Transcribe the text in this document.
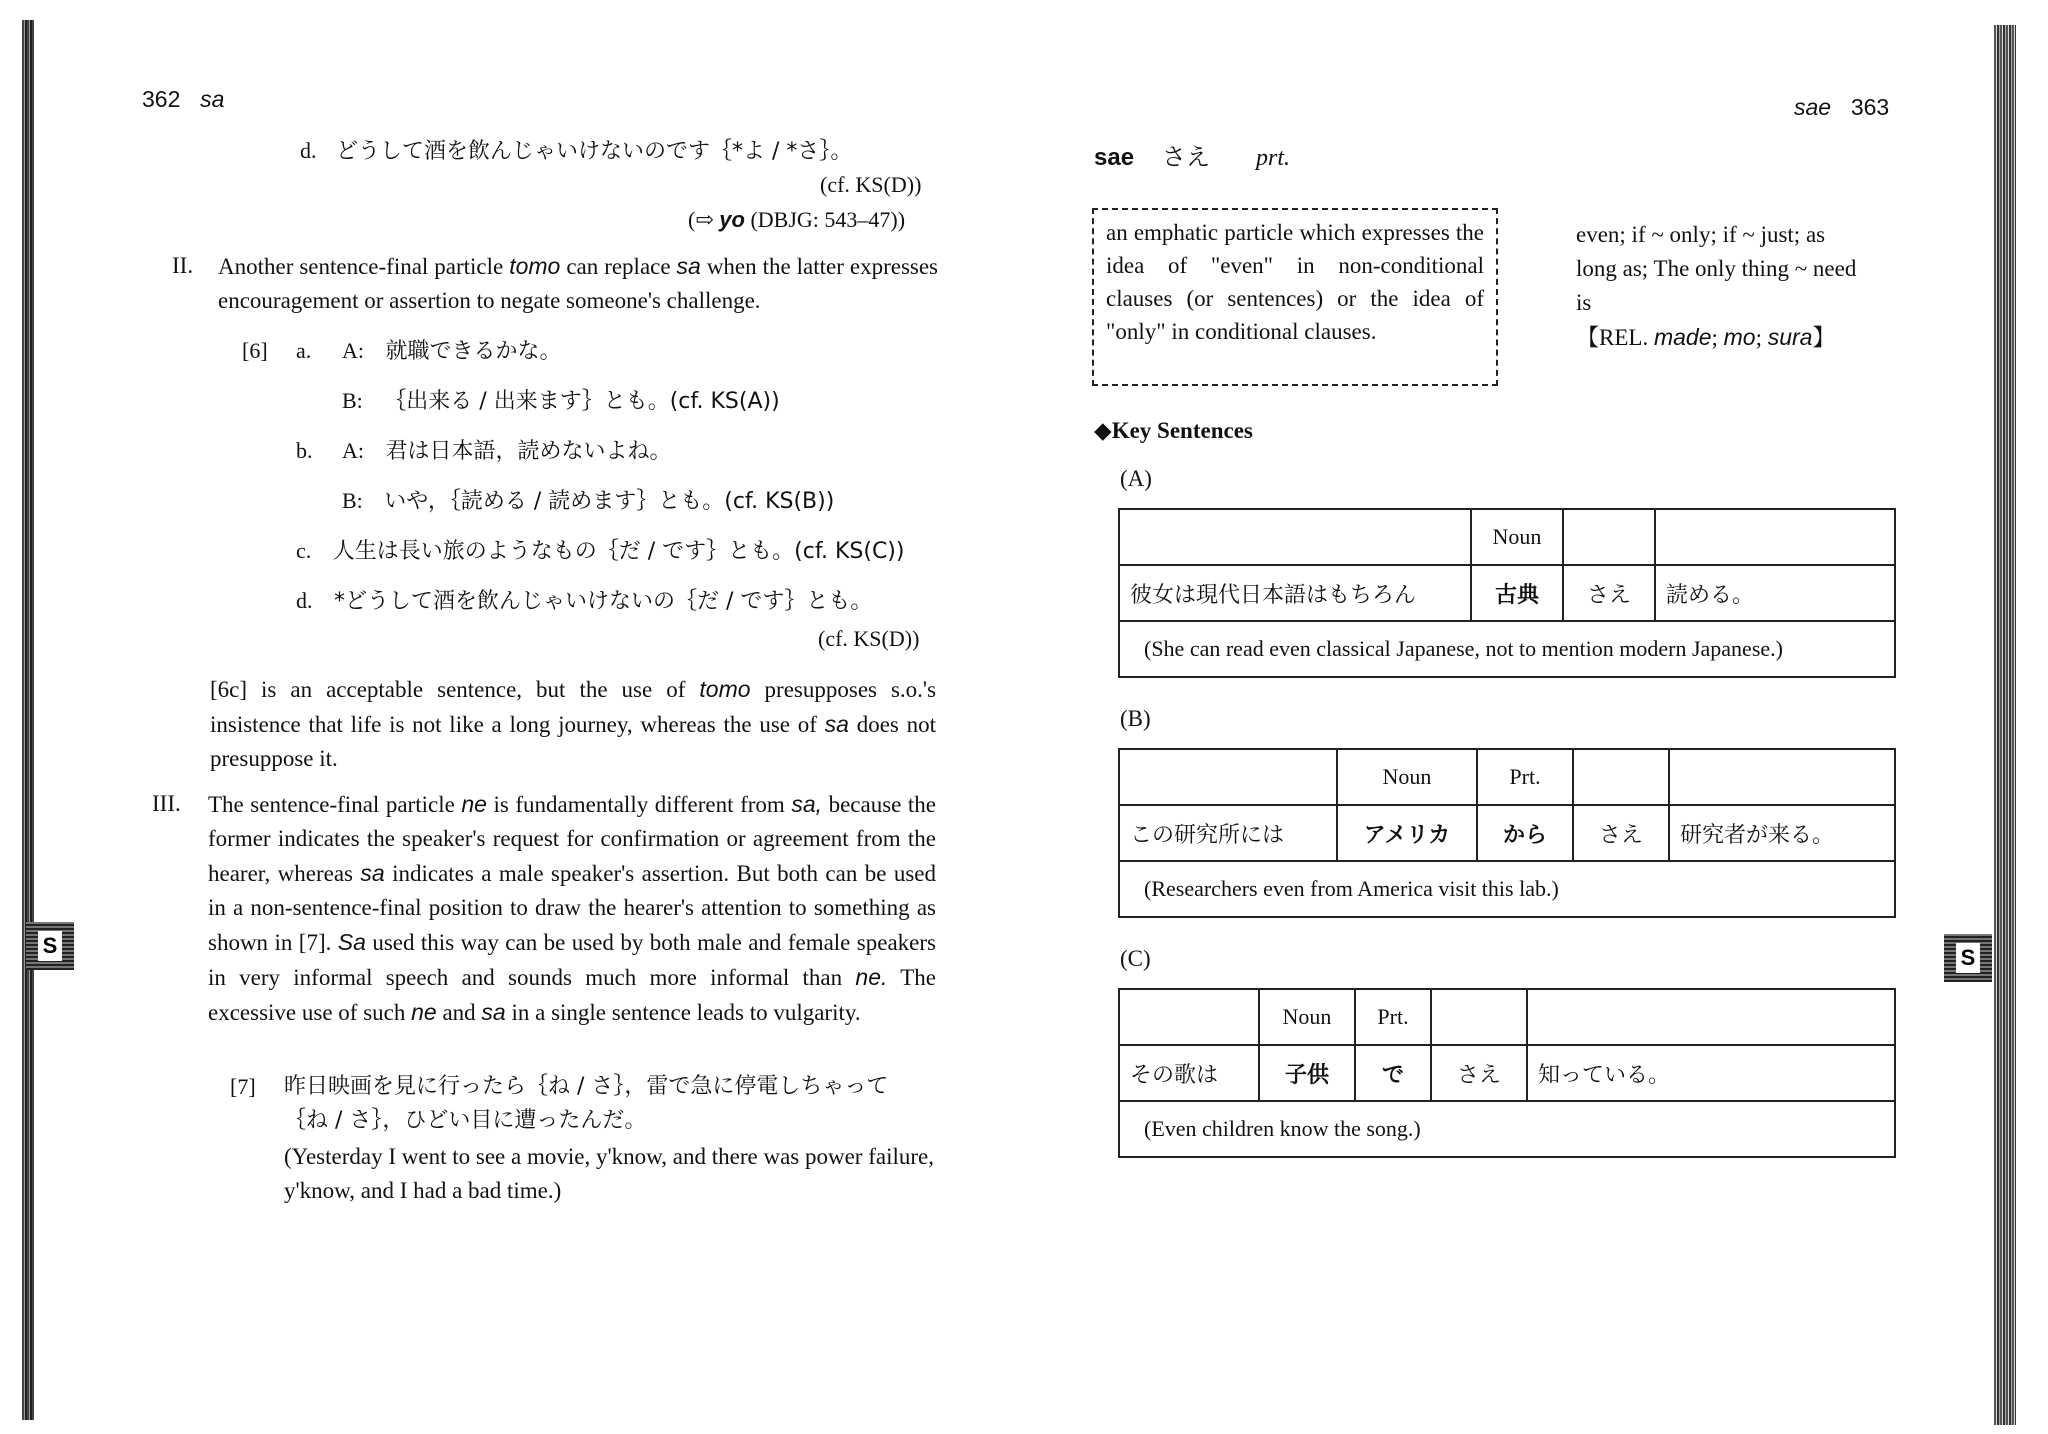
362 sa
d. どうして酒を飲んじゃいけないのです｛*よ / *さ｝。
(cf. KS(D))
(⇨ yo (DBJG: 543–47))
II. Another sentence-final particle tomo can replace sa when the latter expresses encouragement or assertion to negate someone's challenge.

[6] a. A: 就職できるかな。
B: ｛出来る / 出来ます｝とも。(cf. KS(A))
b. A: 君は日本語，読めないよね。
B: いや，｛読める / 読めます｝とも。(cf. KS(B))
c. 人生は長い旅のようなもの｛だ / です｝とも。(cf. KS(C))
d. *どうして酒を飲んじゃいけないの｛だ / です｝とも。
(cf. KS(D))

[6c] is an acceptable sentence, but the use of tomo presupposes s.o.'s insistence that life is not like a long journey, whereas the use of sa does not presuppose it.

III. The sentence-final particle ne is fundamentally different from sa, because the former indicates the speaker's request for confirmation or agreement from the hearer, whereas sa indicates a male speaker's assertion. But both can be used in a non-sentence-final position to draw the hearer's attention to something as shown in [7]. Sa used this way can be used by both male and female speakers in very informal speech and sounds much more informal than ne. The excessive use of such ne and sa in a single sentence leads to vulgarity.

[7] 昨日映画を見に行ったら｛ね / さ｝，雷で急に停電しちゃって
｛ね / さ｝，ひどい目に遭ったんだ。

(Yesterday I went to see a movie, y'know, and there was power failure, y'know, and I had a bad time.)

S
sae 363
sae さえ prt.
an emphatic particle which expresses the idea of "even" in non-conditional clauses (or sentences) or the idea of "only" in conditional clauses.
even; if ~ only; if ~ just; as
long as; The only thing ~ need
is
【REL. made; mo; sura】
◆Key Sentences
(A)
	Noun		
彼女は現代日本語はもちろん	古典	さえ	読める。
(She can read even classical Japanese, not to mention modern Japanese.)			
(B)
	Noun	Prt.		
この研究所には	アメリカ	から	さえ	研究者が来る。
(Researchers even from America visit this lab.)				
(C)
	Noun	Prt.		
その歌は	子供	で	さえ	知っている。
(Even children know the song.)				
S
